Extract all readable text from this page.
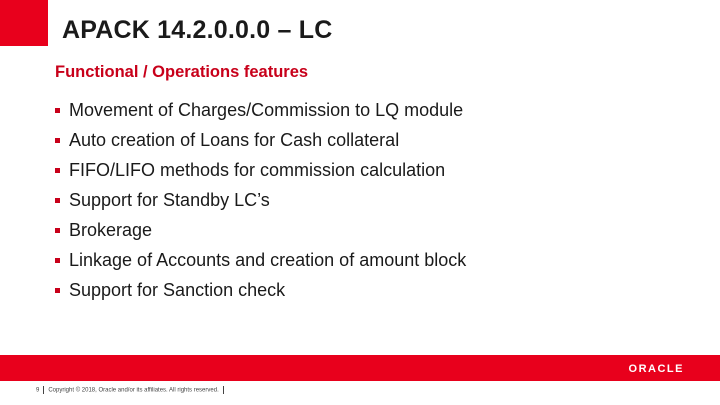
APACK 14.2.0.0.0 – LC
Functional / Operations features
Movement of Charges/Commission to LQ module
Auto creation of Loans for Cash collateral
FIFO/LIFO methods for commission calculation
Support for Standby LC’s
Brokerage
Linkage of Accounts and creation of amount block
Support for Sanction check
ORACLE
9 Copyright © 2018, Oracle and/or its affiliates. All rights reserved.
